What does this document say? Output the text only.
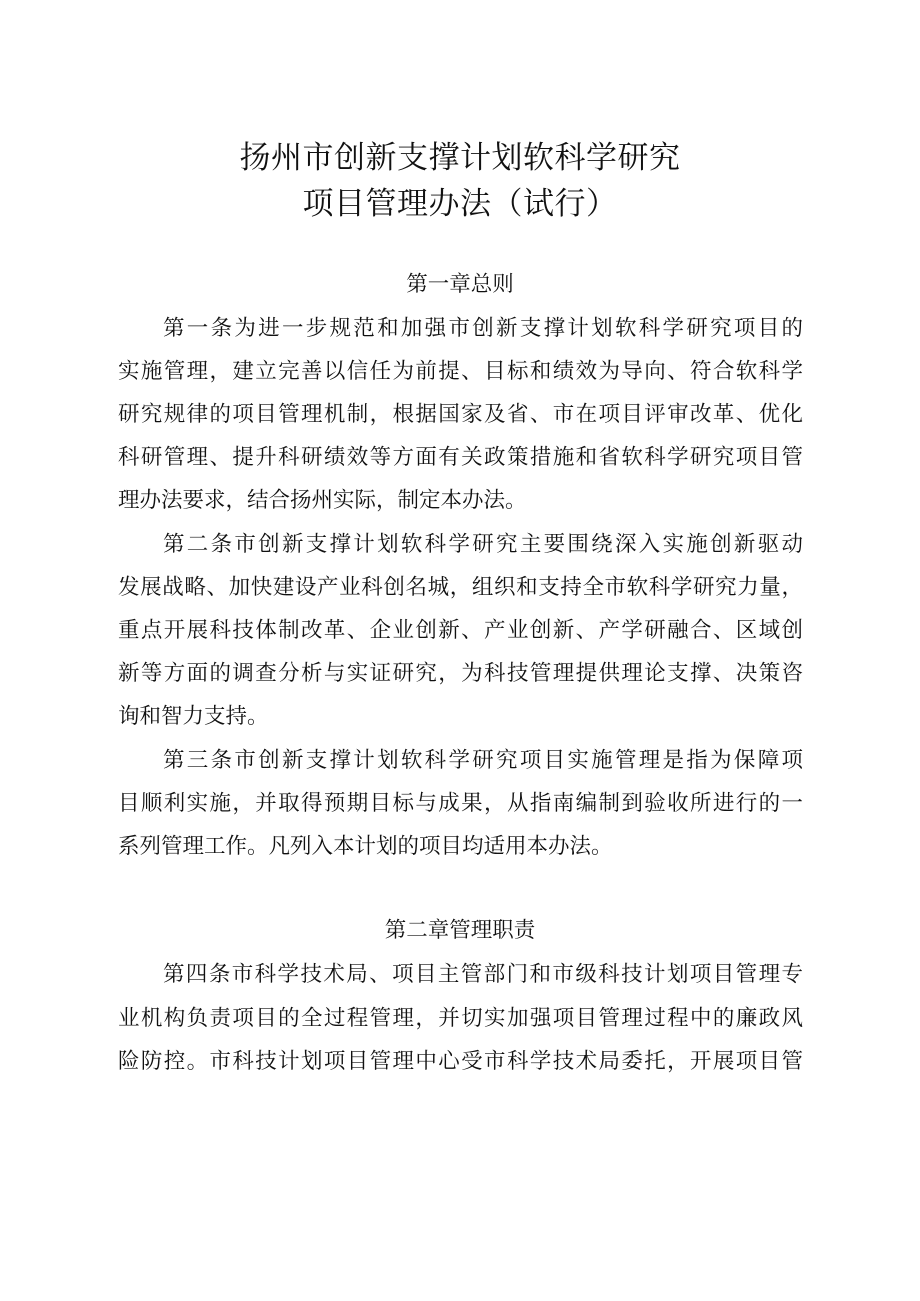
扬州市创新支撑计划软科学研究
项目管理办法（试行）
第一章总则
第一条为进一步规范和加强市创新支撑计划软科学研究项目的
实施管理，建立完善以信任为前提、目标和绩效为导向、符合软科学
研究规律的项目管理机制，根据国家及省、市在项目评审改革、优化
科研管理、提升科研绩效等方面有关政策措施和省软科学研究项目管
理办法要求，结合扬州实际，制定本办法。
第二条市创新支撑计划软科学研究主要围绕深入实施创新驱动
发展战略、加快建设产业科创名城，组织和支持全市软科学研究力量，
重点开展科技体制改革、企业创新、产业创新、产学研融合、区域创
新等方面的调查分析与实证研究，为科技管理提供理论支撑、决策咨
询和智力支持。
第三条市创新支撑计划软科学研究项目实施管理是指为保障项
目顺利实施，并取得预期目标与成果，从指南编制到验收所进行的一
系列管理工作。凡列入本计划的项目均适用本办法。
第二章管理职责
第四条市科学技术局、项目主管部门和市级科技计划项目管理专
业机构负责项目的全过程管理，并切实加强项目管理过程中的廉政风
险防控。市科技计划项目管理中心受市科学技术局委托，开展项目管
